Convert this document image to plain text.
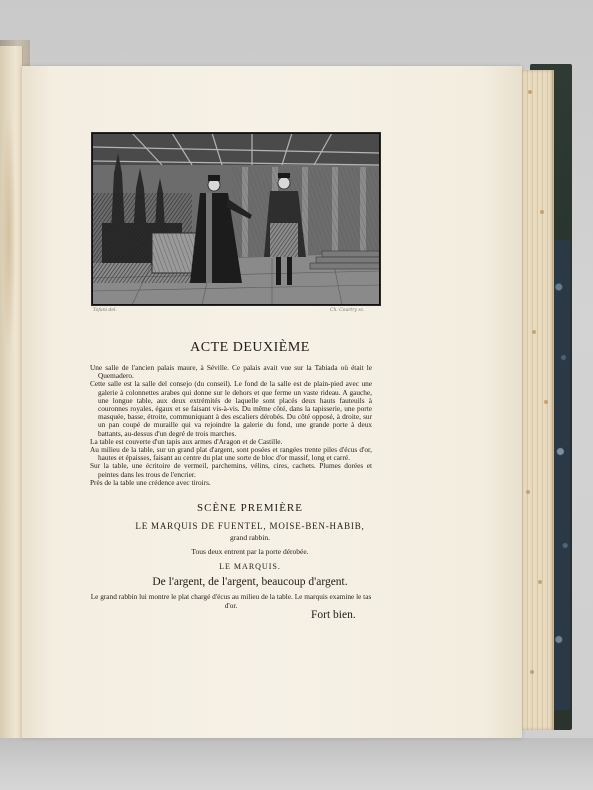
Tofani del.	Ch. Courtry sc.
ACTE DEUXIÈME

Une salle de l'ancien palais maure, à Séville. Ce palais avait vue sur la Tabiada où était le Quemadero.

Cette salle est la salle del consejo (du conseil). Le fond de la salle est de plain-pied avec une galerie à colonnettes arabes qui donne sur le dehors et que ferme un vaste rideau. A gauche, une longue table, aux deux extrémités de laquelle sont placés deux hauts fauteuils à couronnes royales, égaux et se faisant vis-à-vis. Du même côté, dans la tapisserie, une porte masquée, basse, étroite, communiquant à des escaliers dérobés. Du côté opposé, à droite, sur un pan coupé de muraille qui va rejoindre la galerie du fond, une grande porte à deux battants, au-dessus d'un degré de trois marches.

La table est couverte d'un tapis aux armes d'Aragon et de Castille.

Au milieu de la table, sur un grand plat d'argent, sont posées et rangées trente piles d'écus d'or, hautes et épaisses, faisant au centre du plat une sorte de bloc d'or massif, long et carré.

Sur la table, une écritoire de vermeil, parchemins, vélins, cires, cachets. Plumes dorées et peintes dans les trous de l'encrier.

Près de la table une crédence avec tiroirs.

SCÈNE PREMIÈRE
LE MARQUIS DE FUENTEL, MOISE-BEN-HABIB,
grand rabbin.
Tous deux entrent par la porte dérobée.
LE MARQUIS.
De l'argent, de l'argent, beaucoup d'argent.
Le grand rabbin lui montre le plat chargé d'écus au milieu de la table. Le marquis examine le tas d'or.
Fort bien.
